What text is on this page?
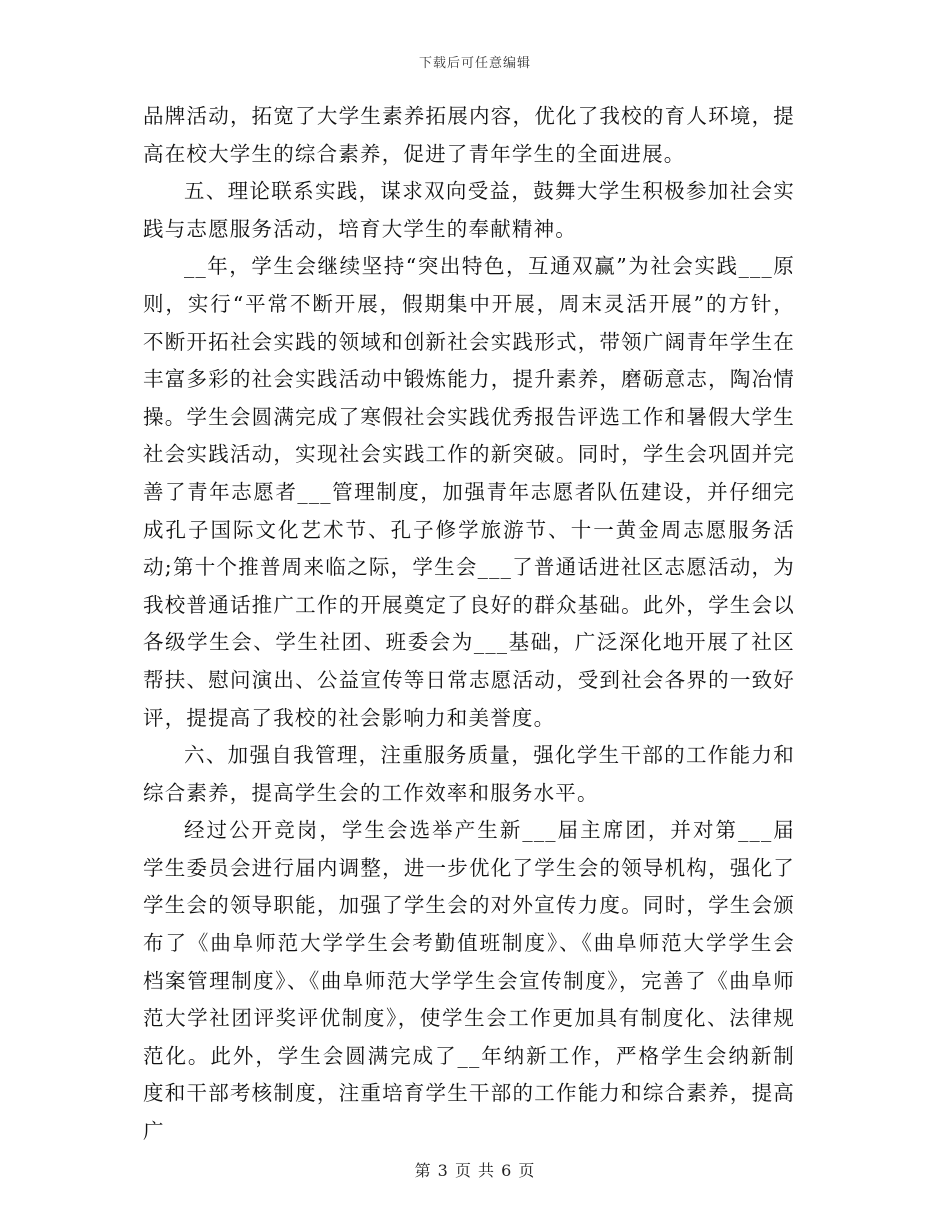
下载后可任意编辑

品牌活动，拓宽了大学生素养拓展内容，优化了我校的育人环境，提高在校大学生的综合素养，促进了青年学生的全面进展。

五、理论联系实践，谋求双向受益，鼓舞大学生积极参加社会实践与志愿服务活动，培育大学生的奉献精神。

__年，学生会继续坚持“突出特色，互通双赢”为社会实践___原则，实行“平常不断开展，假期集中开展，周末灵活开展”的方针，不断开拓社会实践的领域和创新社会实践形式，带领广阔青年学生在丰富多彩的社会实践活动中锻炼能力，提升素养，磨砺意志，陶冶情操。学生会圆满完成了寒假社会实践优秀报告评选工作和暑假大学生社会实践活动，实现社会实践工作的新突破。同时，学生会巩固并完善了青年志愿者___管理制度，加强青年志愿者队伍建设，并仔细完成孔子国际文化艺术节、孔子修学旅游节、十一黄金周志愿服务活动;第十个推普周来临之际，学生会___了普通话进社区志愿活动，为我校普通话推广工作的开展奠定了良好的群众基础。此外，学生会以各级学生会、学生社团、班委会为___基础，广泛深化地开展了社区帮扶、慰问演出、公益宣传等日常志愿活动，受到社会各界的一致好评，提提高了我校的社会影响力和美誉度。

六、加强自我管理，注重服务质量，强化学生干部的工作能力和综合素养，提高学生会的工作效率和服务水平。

经过公开竞岗，学生会选举产生新___届主席团，并对第___届学生委员会进行届内调整，进一步优化了学生会的领导机构，强化了学生会的领导职能，加强了学生会的对外宣传力度。同时，学生会颁布了《曲阜师范大学学生会考勤值班制度》、《曲阜师范大学学生会档案管理制度》、《曲阜师范大学学生会宣传制度》，完善了《曲阜师范大学社团评奖评优制度》，使学生会工作更加具有制度化、法律规范化。此外，学生会圆满完成了__年纳新工作，严格学生会纳新制度和干部考核制度，注重培育学生干部的工作能力和综合素养，提高广

第 3 页 共 6 页
